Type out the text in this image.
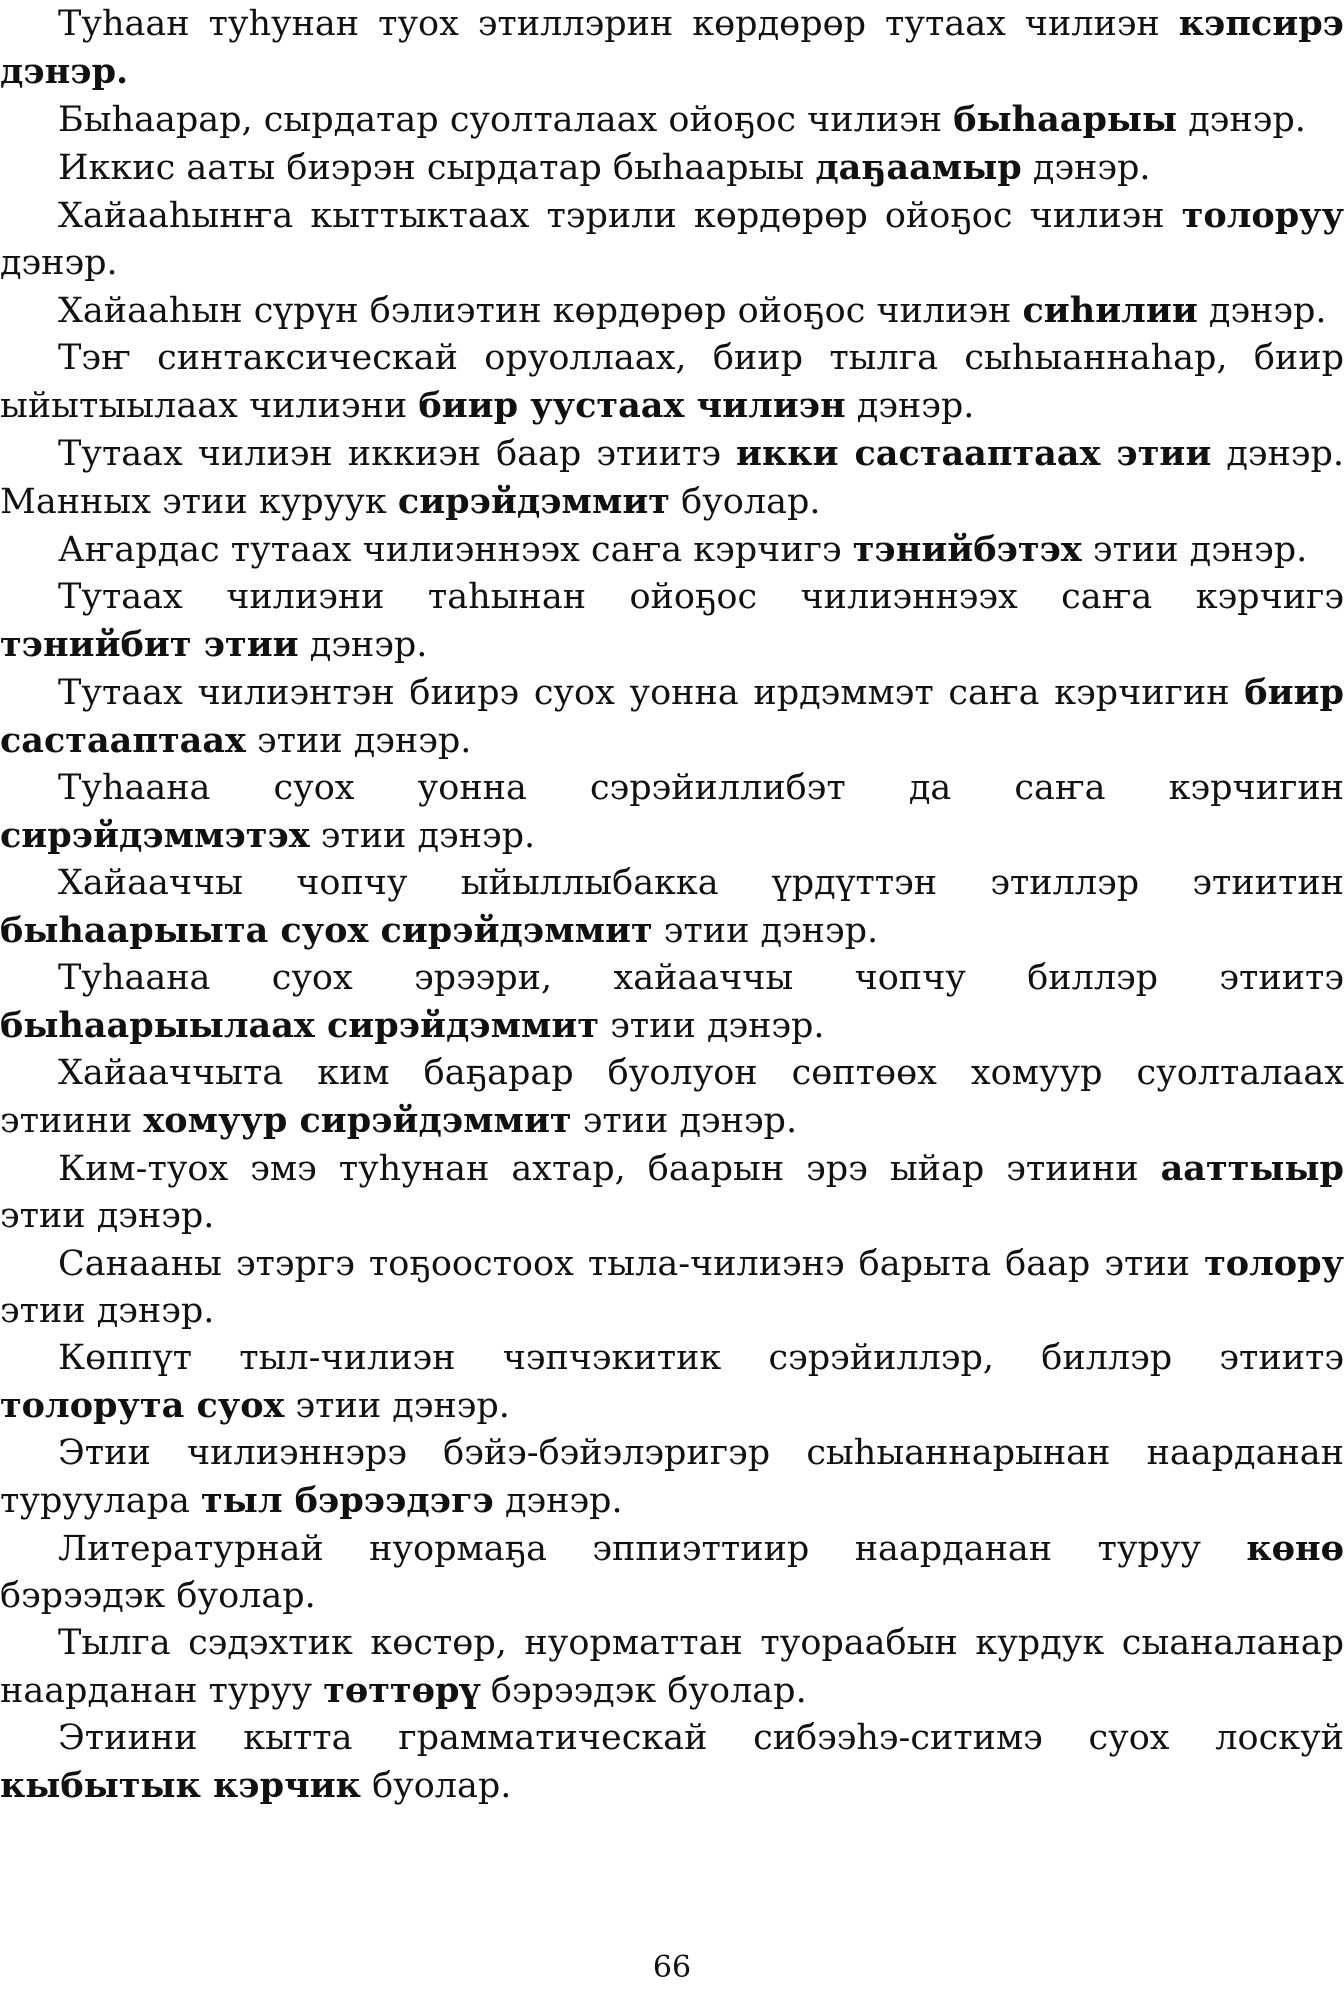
Туhаан туhунан туох этиллэрин көрдөрөр тутаах чилиэн кэпсирэ дэнэр.

Быhаарар, сырдатар суолталаах ойоҕос чилиэн быhаарыы дэнэр.

Иккис ааты биэрэн сырдатар быhаарыы даҕаамыр дэнэр.

Хайааhынҥа кыттыктаах тэрили көрдөрөр ойоҕос чилиэн толоруу дэнэр.

Хайааhын сүрүн бэлиэтин көрдөрөр ойоҕос чилиэн сиhилии дэнэр.

Тэҥ синтаксическай оруоллаах, биир тылга сыhыаннаhар, биир ыйытыылаах чилиэни биир уустаах чилиэн дэнэр.

Тутаах чилиэн иккиэн баар этиитэ икки састаaптаах этии дэнэр. Манных этии куруук сирэйдэммит буолар.

Аҥардас тутаах чилиэннээх саҥа кэрчигэ тэнийбэтэх этии дэнэр.

Тутаах чилиэни таhынан ойоҕос чилиэннээх саҥа кэрчигэ тэнийбит этии дэнэр.

Тутаах чилиэнтэн биирэ суох уонна ирдэммэт саҥа кэрчигин биир састаaптаах этии дэнэр.

Туhаана суох уонна сэрэйиллибэт да саҥа кэрчигин сирэйдэммэтэх этии дэнэр.

Хайааччы чопчу ыйыллыбакка үрдүттэн этиллэр этиитин быhаарыыта суох сирэйдэммит этии дэнэр.

Туhаана суох эрээри, хайааччы чопчу биллэр этиитэ быhаарыылаах сирэйдэммит этии дэнэр.

Хайааччыта ким баҕарар буолуон сөптөөх хомуур суолталаах этиини хомуур сирэйдэммит этии дэнэр.

Ким-туох эмэ туhунан ахтар, баарын эрэ ыйар этиини ааттыыр этии дэнэр.

Санааны этэргэ тоҕоостоох тыла-чилиэнэ барыта баар этии толору этии дэнэр.

Көппүт тыл-чилиэн чэпчэкитик сэрэйиллэр, биллэр этиитэ толорута суох этии дэнэр.

Этии чилиэннэрэ бэйэ-бэйэлэригэр сыhыаннарынан наарданан туруулара тыл бэрээдэгэ дэнэр.

Литературнай нуормаҕа эппиэттиир наарданан туруу көнө бэрээдэк буолар.

Тылга сэдэхтик көстөр, нуорматтан туораабын курдук сыаналанар наарданан туруу төттөрү бэрээдэк буолар.

Этиини кытта грамматическай сибээhэ-ситимэ суох лоскуй кыбытык кэрчик буолар.

66
